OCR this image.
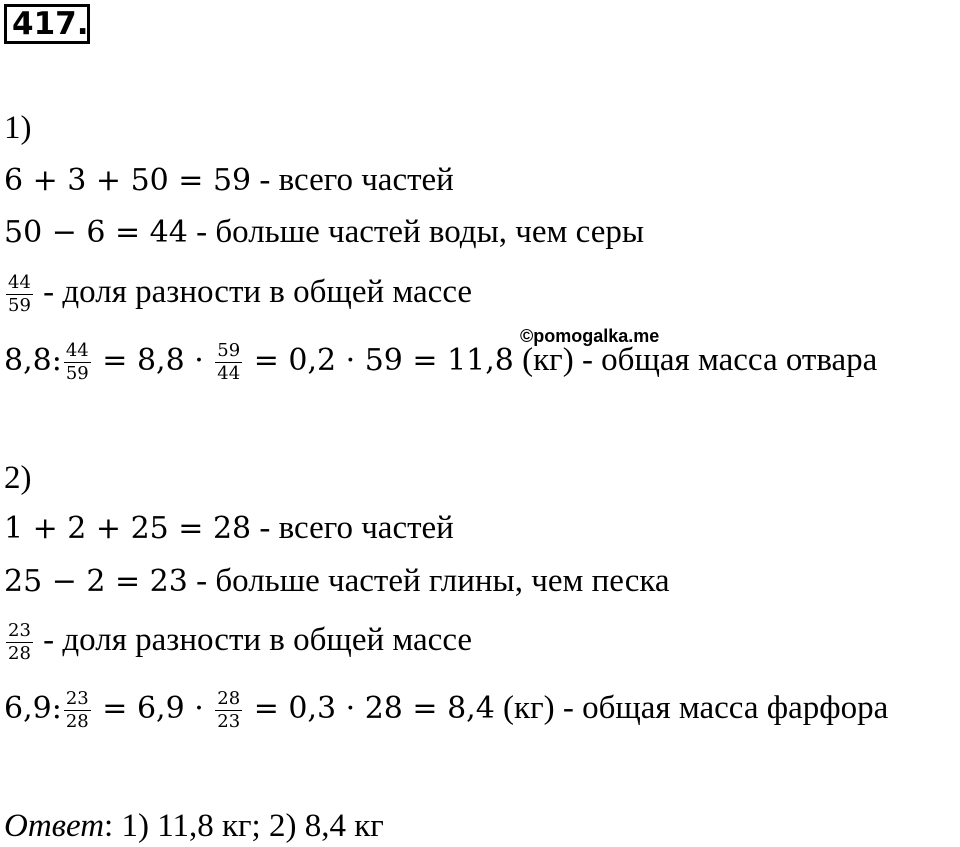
417.
©pomogalka.me
1)
6 + 3 + 50 = 59 - всего частей
50 − 6 = 44 - больше частей воды, чем серы
$\frac{44}{59}$ - доля разности в общей массе
8,8: $\frac{44}{59} = 8,8 \cdot \frac{59}{44} = 0,2 \cdot 59 = 11,8$ (кг) - общая масса отвара
2)
1 + 2 + 25 = 28 - всего частей
25 − 2 = 23 - больше частей глины, чем песка
$\frac{23}{28}$ - доля разности в общей массе
6,9: $\frac{23}{28} = 6,9 \cdot \frac{28}{23} = 0,3 \cdot 28 = 8,4$ (кг) - общая масса фарфора
Ответ: 1) 11,8 кг; 2) 8,4 кг
